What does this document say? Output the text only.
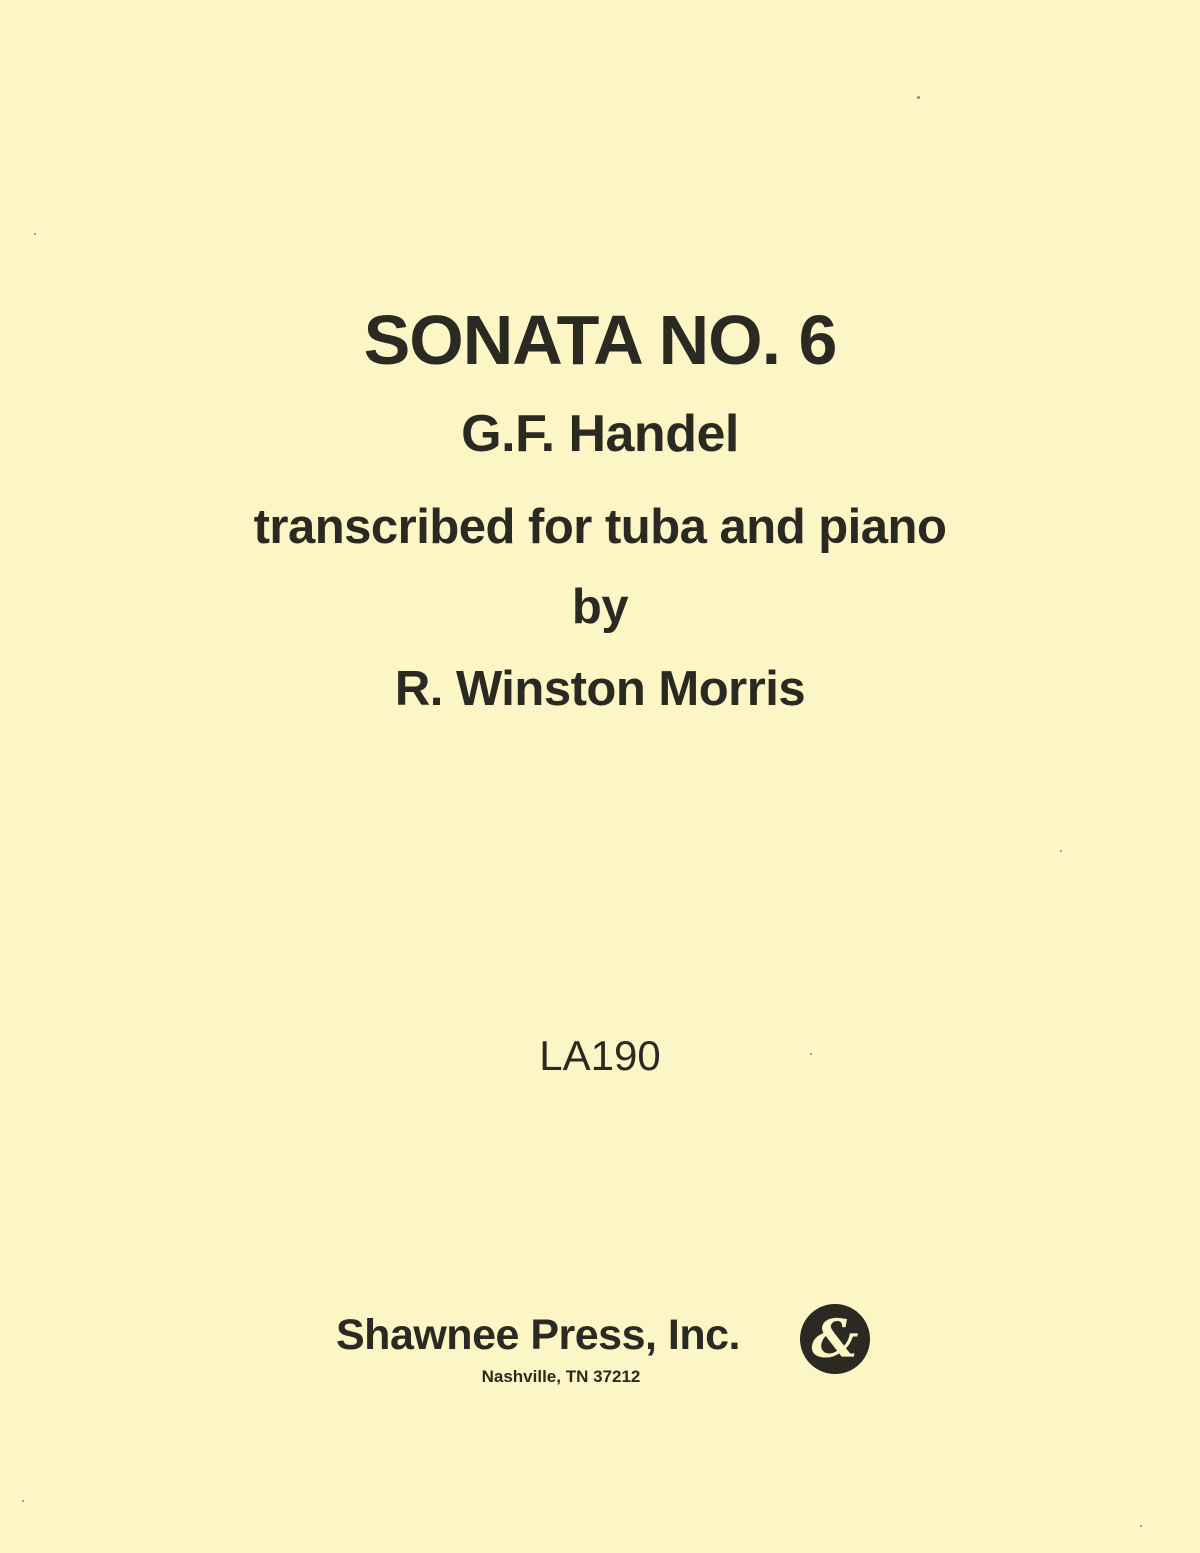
SONATA NO. 6
G.F. Handel
transcribed for tuba and piano
by
R. Winston Morris
LA190
Shawnee Press, Inc. &
Nashville, TN 37212
